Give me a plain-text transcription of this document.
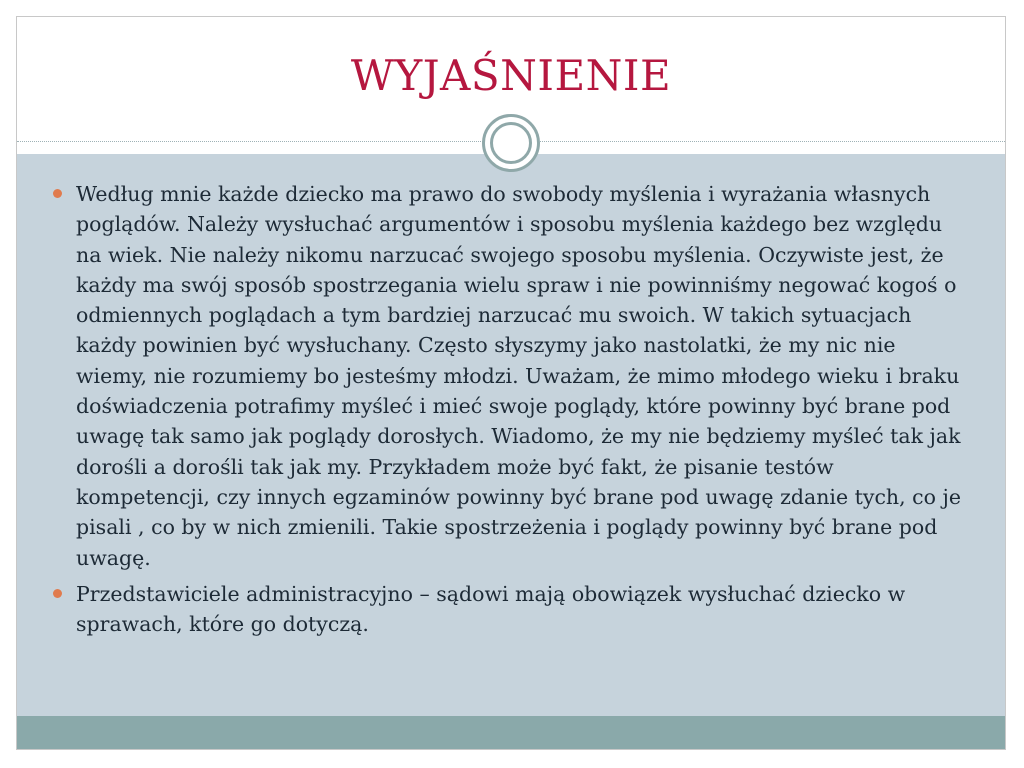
WYJAŚNIENIE
Według mnie każde dziecko ma prawo do swobody myślenia i wyrażania własnych poglądów. Należy wysłuchać argumentów i sposobu myślenia każdego bez względu na wiek. Nie należy nikomu narzucać swojego sposobu myślenia. Oczywiste jest, że każdy ma swój sposób spostrzegania wielu spraw i nie powinniśmy negować kogoś o odmiennych poglądach a tym bardziej narzucać mu swoich. W takich sytuacjach każdy powinien być wysłuchany. Często słyszymy jako nastolatki, że my nic nie wiemy, nie rozumiemy bo jesteśmy młodzi. Uważam, że mimo młodego wieku i braku doświadczenia potrafimy myśleć i mieć swoje poglądy, które powinny być brane pod uwagę tak samo jak poglądy dorosłych. Wiadomo, że my nie będziemy myśleć tak jak dorośli a dorośli tak jak my. Przykładem może być fakt, że pisanie testów kompetencji, czy innych egzaminów powinny być brane pod uwagę zdanie tych, co je pisali , co by w nich zmienili. Takie spostrzeżenia i poglądy powinny być brane pod uwagę.
Przedstawiciele administracyjno – sądowi mają obowiązek wysłuchać dziecko w sprawach, które go dotyczą.
